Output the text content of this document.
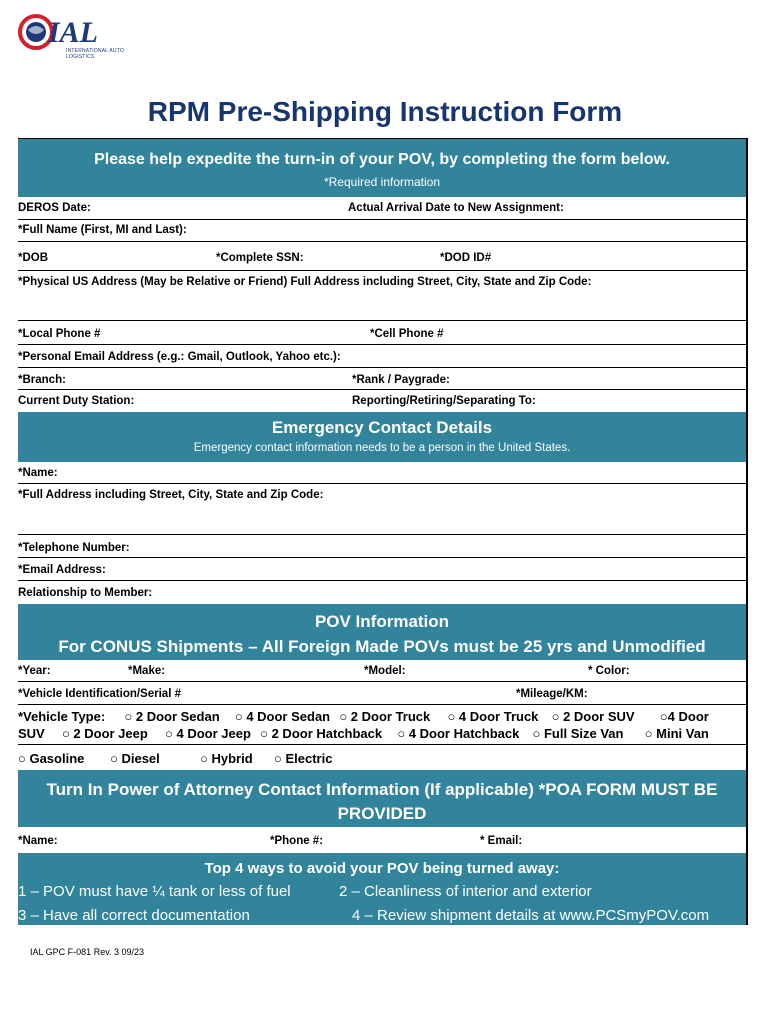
IAL
INTERNATIONAL AUTO LOGISTICS
RPM Pre-Shipping Instruction Form
Please help expedite the turn-in of your POV, by completing the form below.
*Required information
DEROS Date:	Actual Arrival Date to New Assignment:
*Full Name (First, MI and Last):
*DOB	*Complete SSN:	*DOD ID#
*Physical US Address (May be Relative or Friend) Full Address including Street, City, State and Zip Code:
*Local Phone #	*Cell Phone #
*Personal Email Address (e.g.: Gmail, Outlook, Yahoo etc.):
*Branch:	*Rank / Paygrade:
Current Duty Station:	Reporting/Retiring/Separating To:
Emergency Contact Details
Emergency contact information needs to be a person in the United States.
*Name:
*Full Address including Street, City, State and Zip Code:
*Telephone Number:
*Email Address:
Relationship to Member:
POV Information
For CONUS Shipments – All Foreign Made POVs must be 25 yrs and Unmodified
*Year:	*Make:	*Model:	* Color:
*Vehicle Identification/Serial #	*Mileage/KM:
*Vehicle Type: ○ 2 Door Sedan ○ 4 Door Sedan ○ 2 Door Truck ○ 4 Door Truck ○ 2 Door SUV ○4 Door
SUV ○ 2 Door Jeep ○ 4 Door Jeep ○ 2 Door Hatchback ○ 4 Door Hatchback ○ Full Size Van ○ Mini Van
○ Gasoline ○ Diesel	○ Hybrid ○ Electric
Turn In Power of Attorney Contact Information (If applicable) *POA FORM MUST BE
PROVIDED
*Name:	*Phone #:	* Email:
Top 4 ways to avoid your POV being turned away:
1 – POV must have ¼ tank or less of fuel	2 – Cleanliness of interior and exterior
3 – Have all correct documentation	4 – Review shipment details at www.PCSmyPOV.com
IAL GPC F-081 Rev. 3 09/23
